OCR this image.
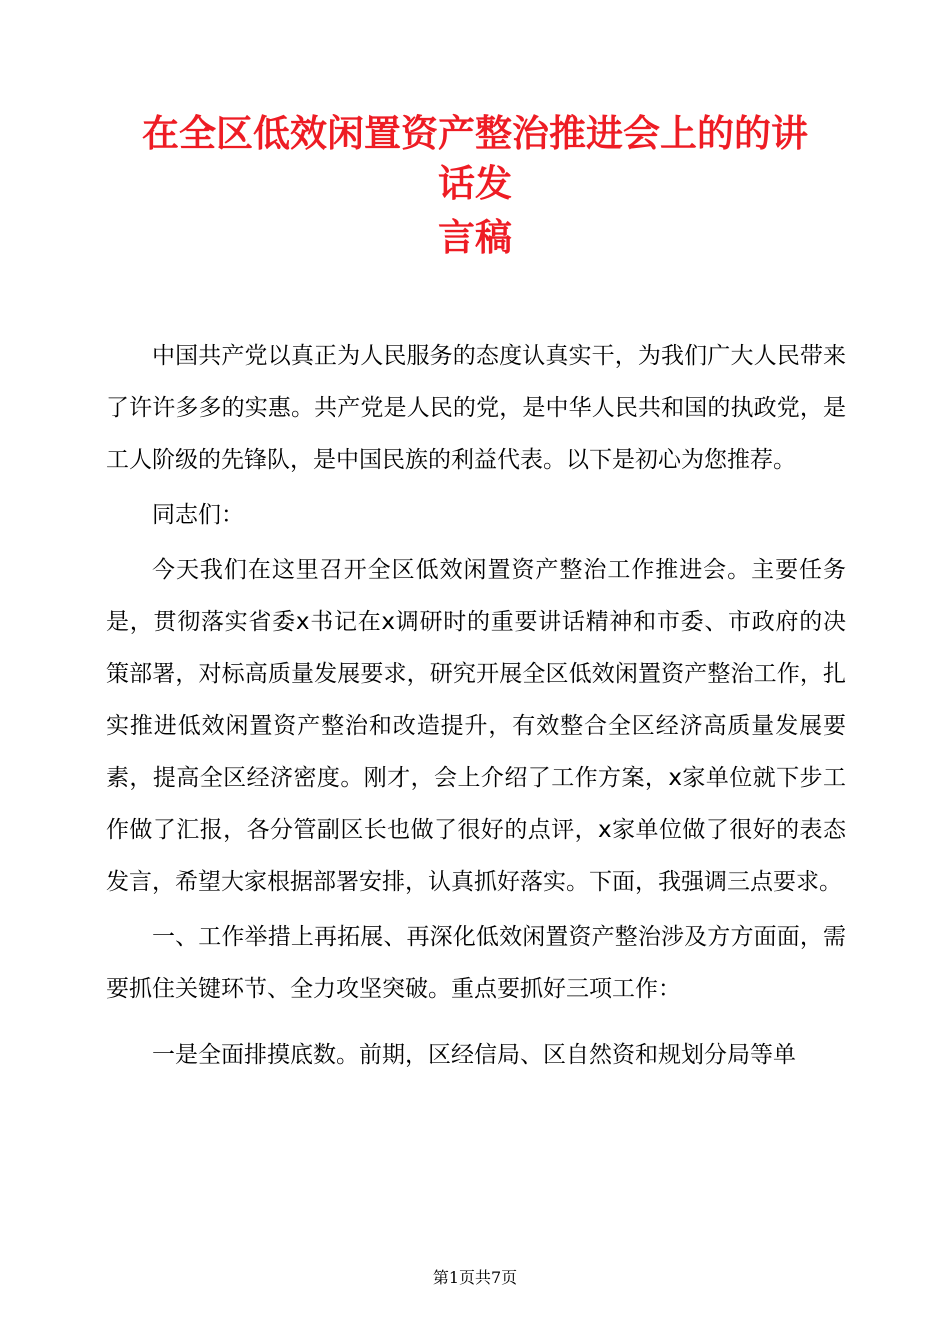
在全区低效闲置资产整治推进会上的的讲
话发
言稿

中国共产党以真正为人民服务的态度认真实干，为我们广大人民带来了许许多多的实惠。共产党是人民的党，是中华人民共和国的执政党，是工人阶级的先锋队，是中国民族的利益代表。以下是初心为您推荐。

同志们：

今天我们在这里召开全区低效闲置资产整治工作推进会。主要任务是，贯彻落实省委x书记在x调研时的重要讲话精神和市委、市政府的决策部署，对标高质量发展要求，研究开展全区低效闲置资产整治工作，扎实推进低效闲置资产整治和改造提升，有效整合全区经济高质量发展要素，提高全区经济密度。刚才，会上介绍了工作方案，x家单位就下步工作做了汇报，各分管副区长也做了很好的点评，x家单位做了很好的表态发言，希望大家根据部署安排，认真抓好落实。下面，我强调三点要求。

一、工作举措上再拓展、再深化低效闲置资产整治涉及方方面面，需要抓住关键环节、全力攻坚突破。重点要抓好三项工作：

一是全面排摸底数。前期，区经信局、区自然资和规划分局等单

第1页共7页
